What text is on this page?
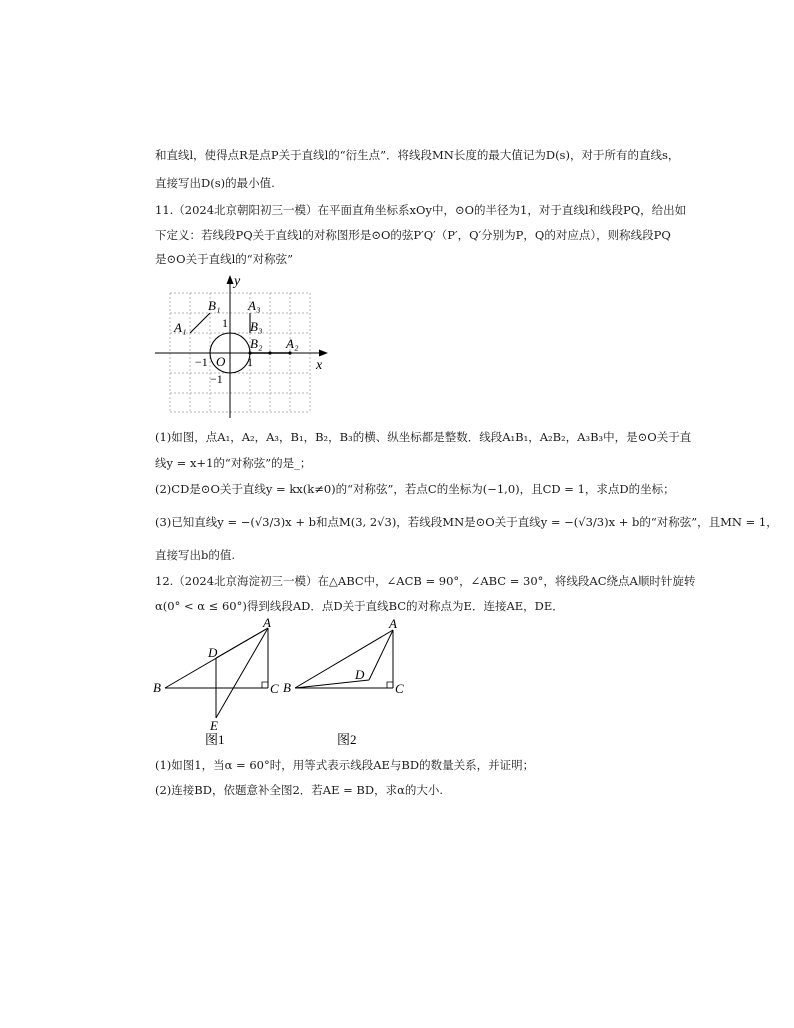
和直线l，使得点R是点P关于直线l的“衍生点”．将线段MN长度的最大值记为D(s)，对于所有的直线s，
直接写出D(s)的最小值.
11.（2024北京朝阳初三一模）在平面直角坐标系xOy中，⊙O的半径为1，对于直线l和线段PQ，给出如
下定义：若线段PQ关于直线l的对称图形是⊙O的弦P′Q′（P′，Q′分别为P，Q的对应点），则称线段PQ
是⊙O关于直线l的“对称弦”
y
x
O 1
−1
1
−1
A₁
B₁ A₃
B₃
B₂ A₂
(1)如图，点A₁，A₂，A₃，B₁，B₂，B₃的横、纵坐标都是整数．线段A₁B₁，A₂B₂，A₃B₃中，是⊙O关于直
线y = x+1的“对称弦”的是_；
(2)CD是⊙O关于直线y = kx(k≠0)的“对称弦”，若点C的坐标为(−1,0)，且CD = 1，求点D的坐标；
(3)已知直线y = −(√3/3)x + b和点M(3, 2√3)，若线段MN是⊙O关于直线y = −(√3/3)x + b的“对称弦”，且MN = 1，
直接写出b的值.
12.（2024北京海淀初三一模）在△ABC中，∠ACB = 90°，∠ABC = 30°，将线段AC绕点A顺时针旋转
α(0° < α ≤ 60°)得到线段AD．点D关于直线BC的对称点为E．连接AE，DE．
A
B	C
D
E
图1
A
B	C
D
图2
(1)如图1，当α = 60°时，用等式表示线段AE与BD的数量关系，并证明；
(2)连接BD，依题意补全图2．若AE = BD，求α的大小.
